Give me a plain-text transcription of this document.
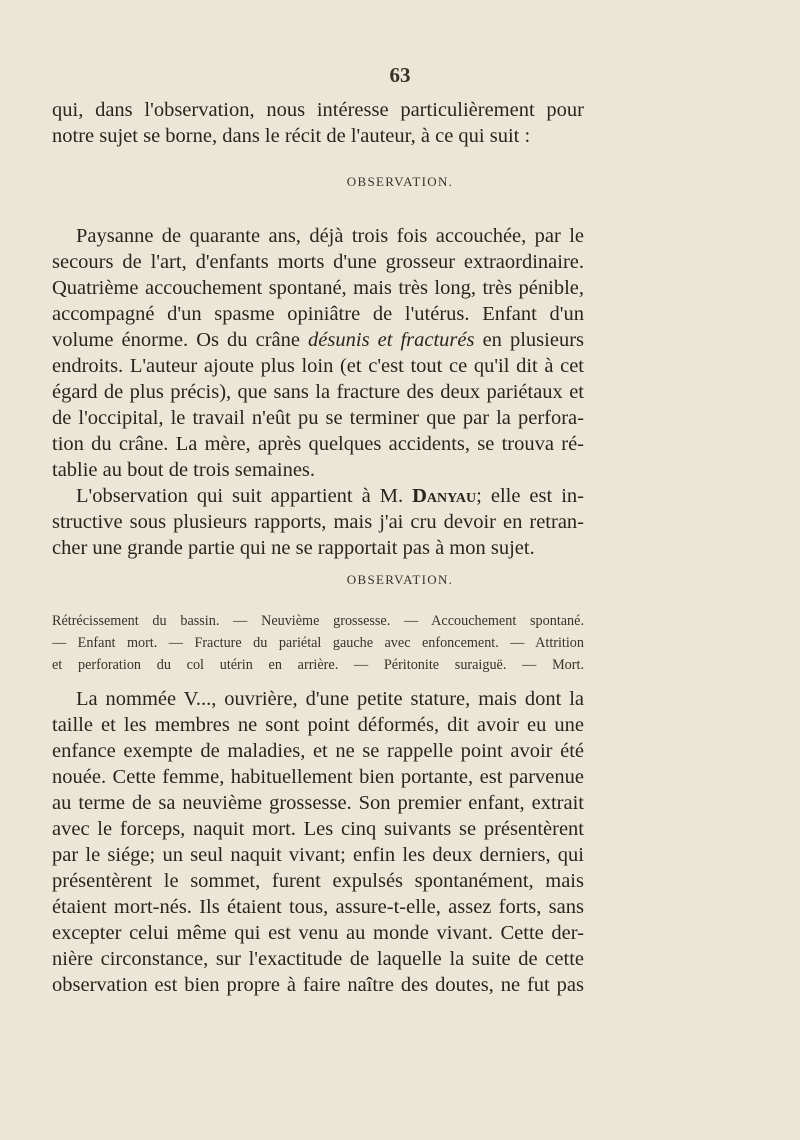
63
qui, dans l'observation, nous intéresse particulièrement pour
notre sujet se borne, dans le récit de l'auteur, à ce qui suit :
OBSERVATION.
Paysanne de quarante ans, déjà trois fois accouchée, par le
secours de l'art, d'enfants morts d'une grosseur extraordinaire.
Quatrième accouchement spontané, mais très long, très pénible,
accompagné d'un spasme opiniâtre de l'utérus. Enfant d'un
volume énorme. Os du crâne désunis et fracturés en plusieurs
endroits. L'auteur ajoute plus loin (et c'est tout ce qu'il dit à cet
égard de plus précis), que sans la fracture des deux pariétaux et
de l'occipital, le travail n'eût pu se terminer que par la perfora-
tion du crâne. La mère, après quelques accidents, se trouva ré-
tablie au bout de trois semaines.
L'observation qui suit appartient à M. Danyau; elle est in-
structive sous plusieurs rapports, mais j'ai cru devoir en retran-
cher une grande partie qui ne se rapportait pas à mon sujet.
OBSERVATION.
Rétrécissement du bassin. — Neuvième grossesse. — Accouchement spontané.
— Enfant mort. — Fracture du pariétal gauche avec enfoncement. — Attrition
et perforation du col utérin en arrière. — Péritonite suraiguë. — Mort.
La nommée V..., ouvrière, d'une petite stature, mais dont la
taille et les membres ne sont point déformés, dit avoir eu une
enfance exempte de maladies, et ne se rappelle point avoir été
nouée. Cette femme, habituellement bien portante, est parvenue
au terme de sa neuvième grossesse. Son premier enfant, extrait
avec le forceps, naquit mort. Les cinq suivants se présentèrent
par le siége; un seul naquit vivant; enfin les deux derniers, qui
présentèrent le sommet, furent expulsés spontanément, mais
étaient mort-nés. Ils étaient tous, assure-t-elle, assez forts, sans
excepter celui même qui est venu au monde vivant. Cette der-
nière circonstance, sur l'exactitude de laquelle la suite de cette
observation est bien propre à faire naître des doutes, ne fut pas
